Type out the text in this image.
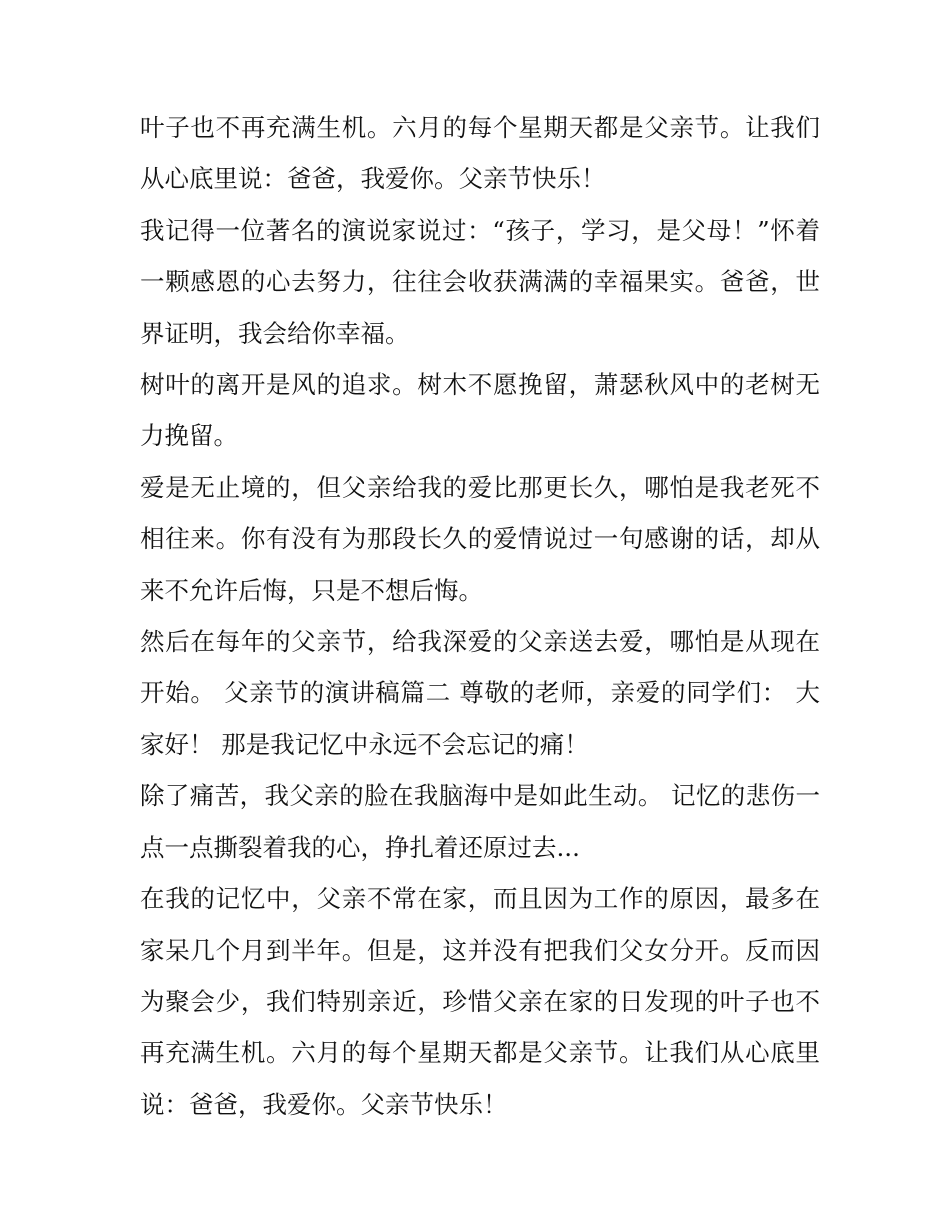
叶子也不再充满生机。六月的每个星期天都是父亲节。让我们从心底里说：爸爸，我爱你。父亲节快乐！

我记得一位著名的演说家说过：“孩子，学习，是父母！”怀着一颗感恩的心去努力，往往会收获满满的幸福果实。爸爸，世界证明，我会给你幸福。

树叶的离开是风的追求。树木不愿挽留，萧瑟秋风中的老树无力挽留。

爱是无止境的，但父亲给我的爱比那更长久，哪怕是我老死不相往来。你有没有为那段长久的爱情说过一句感谢的话，却从来不允许后悔，只是不想后悔。

然后在每年的父亲节，给我深爱的父亲送去爱，哪怕是从现在开始。 父亲节的演讲稿篇二 尊敬的老师，亲爱的同学们： 大家好！ 那是我记忆中永远不会忘记的痛！

除了痛苦，我父亲的脸在我脑海中是如此生动。 记忆的悲伤一点一点撕裂着我的心，挣扎着还原过去...

在我的记忆中，父亲不常在家，而且因为工作的原因，最多在家呆几个月到半年。但是，这并没有把我们父女分开。反而因为聚会少，我们特别亲近，珍惜父亲在家的日发现的叶子也不再充满生机。六月的每个星期天都是父亲节。让我们从心底里说：爸爸，我爱你。父亲节快乐！
